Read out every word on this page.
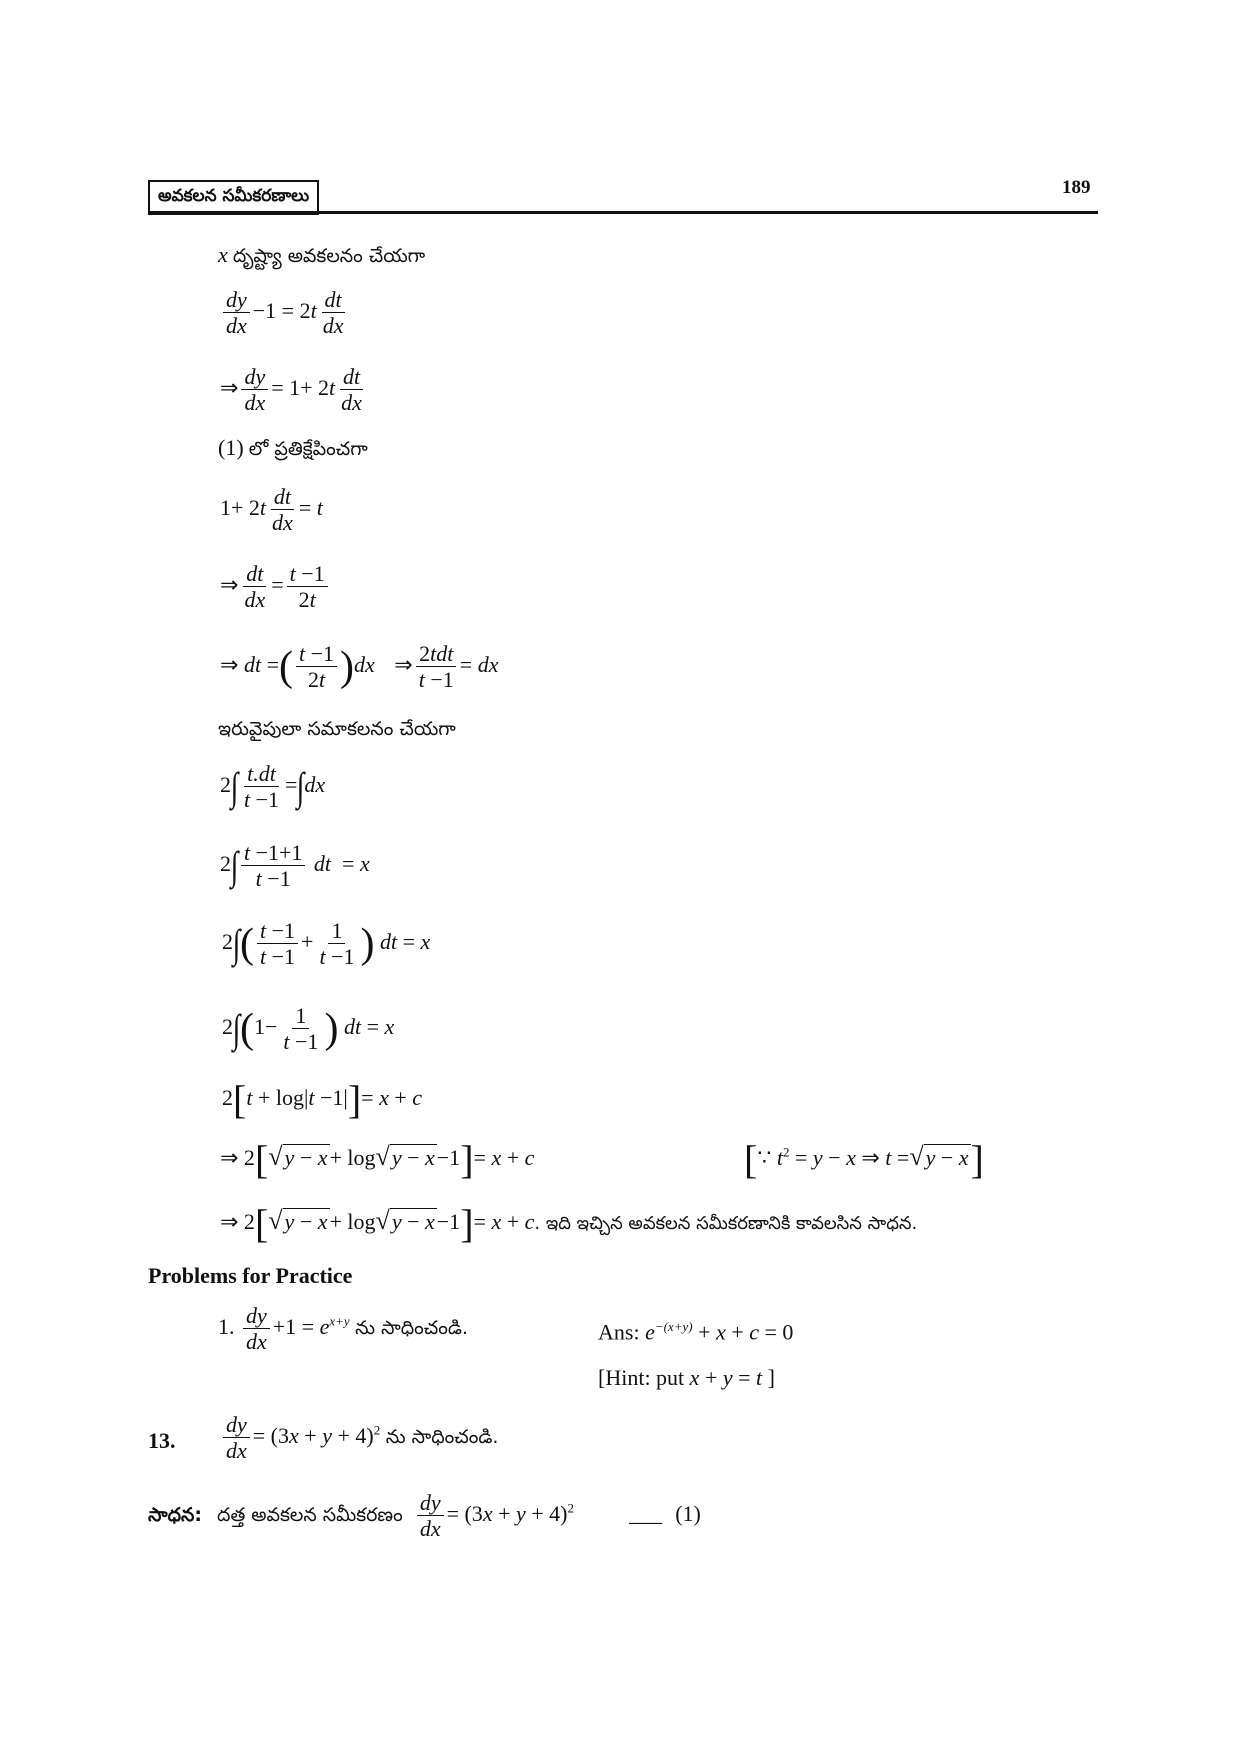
అవకలన సమీకరణాలు	189
x దృష్ట్యా అవకలనం చేయగా
$\frac{dy}{dx} -1 = 2t \frac{dt}{dx}$
⇒ $\frac{dy}{dx} = 1+ 2t \frac{dt}{dx}$
(1) లో ప్రతిక్షేపించగా
$1+ 2t \frac{dt}{dx} = t$
⇒ $\frac{dt}{dx} = \frac{t -1}{2t}$
⇒ dt =( $\frac{t -1}{2t} )dx$ ⇒ $\frac{\text{2tdt}}{t -1}$ = dx
ఇరువైపులా సమాకలనం చేయగా
$2\int \frac{t.dt}{t -1} =\int dx$
$2\int \frac{t -1+1}{t -1}$ dt  = x
$2\int( \frac{t -1}{t -1} + \frac{1}{t -1}$ ) dt = x
$2\int(1- \frac{1}{t -1}$ ) dt = x
2[t + log|t −1|]= x + c
⇒ 2[√y − x+ log√y − x−1]= x + c	[∵ $t^2 = y - x$ ⇒ t =√y − x]
⇒ 2[√y − x+ log√y − x−1]= x + c. ఇది ఇచ్చిన అవకలన సమీకరణానికి కావలసిన సాధన.
Problems for Practice
1. $\frac{dy}{dx} +1 = e^{x+y}$ ను సాధించండి.	Ans: $e^{-(x+y)} + x + c = 0$
[Hint: put x + y = t ]
13. $\frac{dy}{dx} = (3x + y + 4)^2$ ను సాధించండి.
సాధన: దత్త అవకలన సమీకరణం $\frac{dy}{dx} = (3x + y + 4)^2$	___ (1)
